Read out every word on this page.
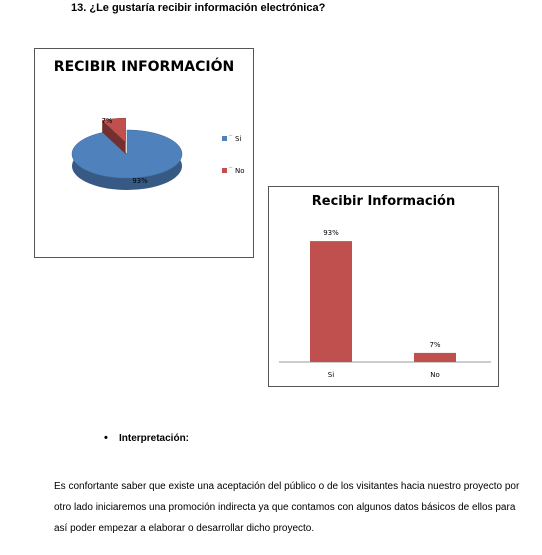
13. ¿Le gustaría recibir información electrónica?
RECIBIR INFORMACIÓN
93%
7%
¯ Si
¯ No
Recibir Información
93%
7%
Si	No
• Interpretación:
Es confortante saber que existe una aceptación del público o de los visitantes hacia nuestro proyecto por otro lado iniciaremos una promoción indirecta ya que contamos con algunos datos básicos de ellos para así poder empezar a elaborar o desarrollar dicho proyecto.
